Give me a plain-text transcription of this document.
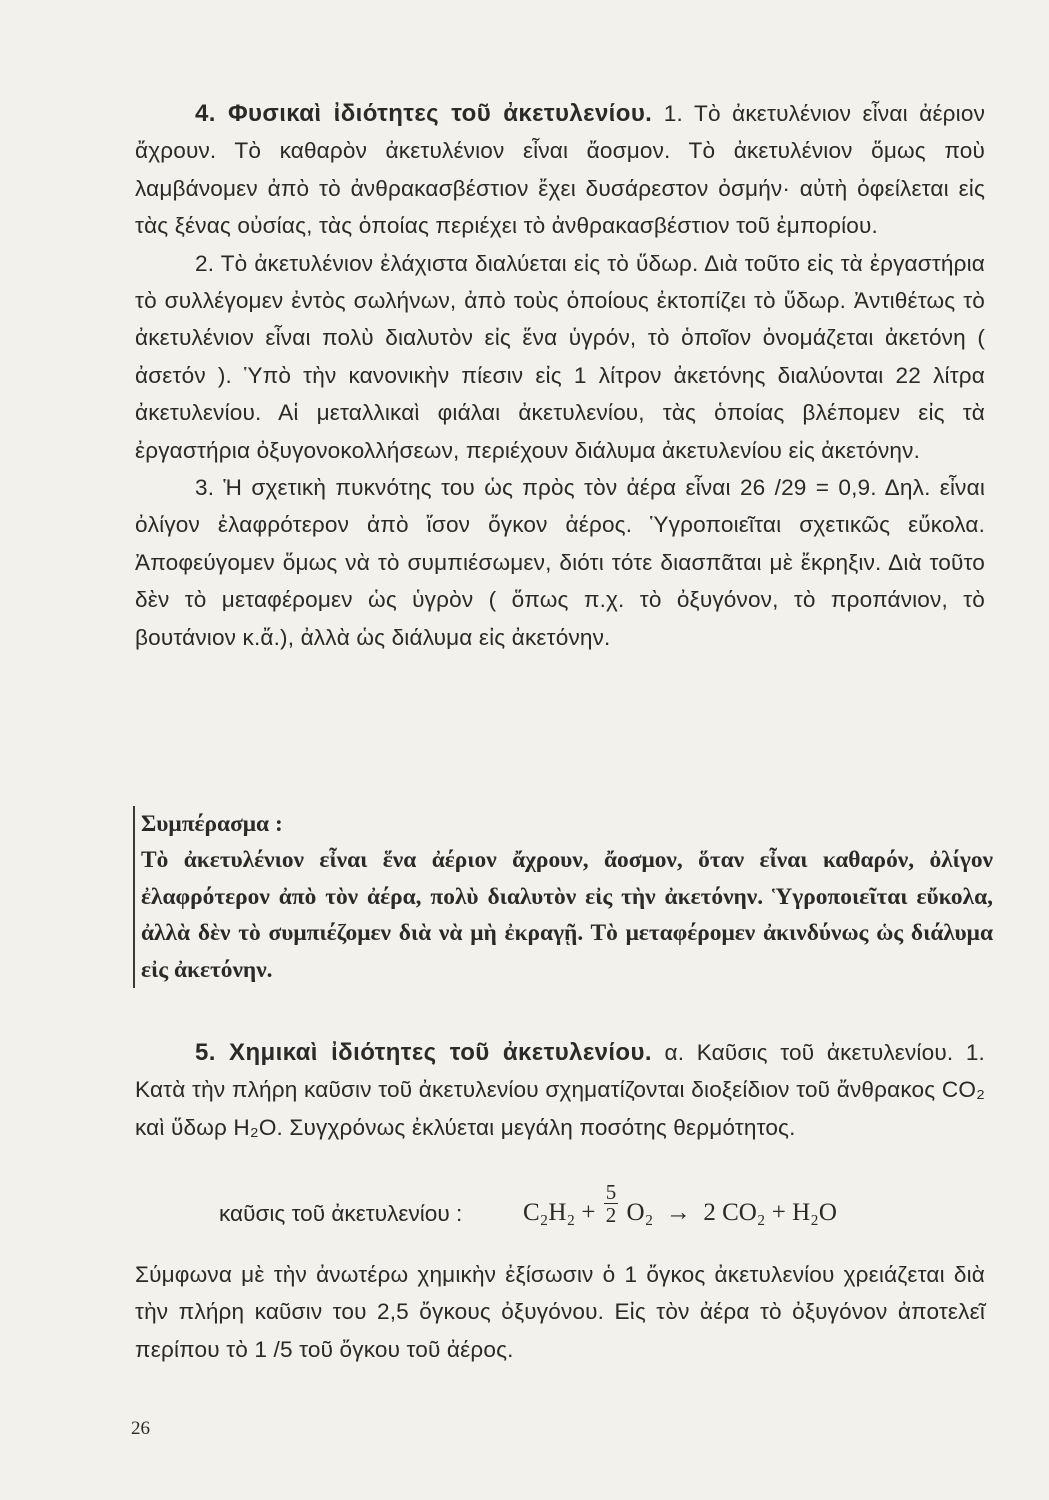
4. Φυσικαὶ ἰδιότητες τοῦ ἀκετυλενίου. 1. Τὸ ἀκετυλένιον εἶναι ἀέριον ἄχρουν. Τὸ καθαρὸν ἀκετυλένιον εἶναι ἄοσμον. Τὸ ἀκετυλένιον ὅμως ποὺ λαμβάνομεν ἀπὸ τὸ ἀνθρακασβέστιον ἔχει δυσάρεστον ὀσμήν· αὐτὴ ὀφείλεται εἰς τὰς ξένας οὐσίας, τὰς ὁποίας περιέχει τὸ ἀνθρακασβέστιον τοῦ ἐμπορίου.

2. Τὸ ἀκετυλένιον ἐλάχιστα διαλύεται εἰς τὸ ὕδωρ. Διὰ τοῦτο εἰς τὰ ἐργαστήρια τὸ συλλέγομεν ἐντὸς σωλήνων, ἀπὸ τοὺς ὁποίους ἐκτοπίζει τὸ ὕδωρ. Ἀντιθέτως τὸ ἀκετυλένιον εἶναι πολὺ διαλυτὸν εἰς ἕνα ὑγρόν, τὸ ὁποῖον ὀνομάζεται ἀκετόνη ( ἀσετόν ). Ὑπὸ τὴν κανονικὴν πίεσιν εἰς 1 λίτρον ἀκετόνης διαλύονται 22 λίτρα ἀκετυλενίου. Αἱ μεταλλικαὶ φιάλαι ἀκετυλενίου, τὰς ὁποίας βλέπομεν εἰς τὰ ἐργαστήρια ὀξυγονοκολλήσεων, περιέχουν διάλυμα ἀκετυλενίου εἰς ἀκετόνην.

3. Ἡ σχετικὴ πυκνότης του ὡς πρὸς τὸν ἀέρα εἶναι 26 /29 = 0,9. Δηλ. εἶναι ὀλίγον ἐλαφρότερον ἀπὸ ἴσον ὄγκον ἀέρος. Ὑγροποιεῖται σχετικῶς εὔκολα. Ἀποφεύγομεν ὅμως νὰ τὸ συμπιέσωμεν, διότι τότε διασπᾶται μὲ ἔκρηξιν. Διὰ τοῦτο δὲν τὸ μεταφέρομεν ὡς ὑγρὸν ( ὅπως π.χ. τὸ ὀξυγόνον, τὸ προπάνιον, τὸ βουτάνιον κ.ἄ.), ἀλλὰ ὡς διάλυμα εἰς ἀκετόνην.

Συμπέρασμα :
Τὸ ἀκετυλένιον εἶναι ἕνα ἀέριον ἄχρουν, ἄοσμον, ὅταν εἶναι καθαρόν, ὀλίγον ἐλαφρότερον ἀπὸ τὸν ἀέρα, πολὺ διαλυτὸν εἰς τὴν ἀκετόνην. Ὑγροποιεῖται εὔκολα, ἀλλὰ δὲν τὸ συμπιέζομεν διὰ νὰ μὴ ἐκραγῇ. Τὸ μεταφέρομεν ἀκινδύνως ὡς διάλυμα εἰς ἀκετόνην.

5. Χημικαὶ ἰδιότητες τοῦ ἀκετυλενίου. α. Καῦσις τοῦ ἀκετυλενίου. 1. Κατὰ τὴν πλήρη καῦσιν τοῦ ἀκετυλενίου σχηματίζονται διοξείδιον τοῦ ἄνθρακος CO₂ καὶ ὕδωρ H₂O. Συγχρόνως ἐκλύεται μεγάλη ποσότης θερμότητος.

καῦσις τοῦ ἀκετυλενίου : $C_2H_2 + \frac{5}{2} O_2 \to 2$ CO₂ + H₂O

Σύμφωνα μὲ τὴν ἀνωτέρω χημικὴν ἐξίσωσιν ὁ 1 ὄγκος ἀκετυλενίου χρειάζεται διὰ τὴν πλήρη καῦσιν του 2,5 ὄγκους ὀξυγόνου. Εἰς τὸν ἀέρα τὸ ὀξυγόνον ἀποτελεῖ περίπου τὸ 1 /5 τοῦ ὄγκου τοῦ ἀέρος.

26
